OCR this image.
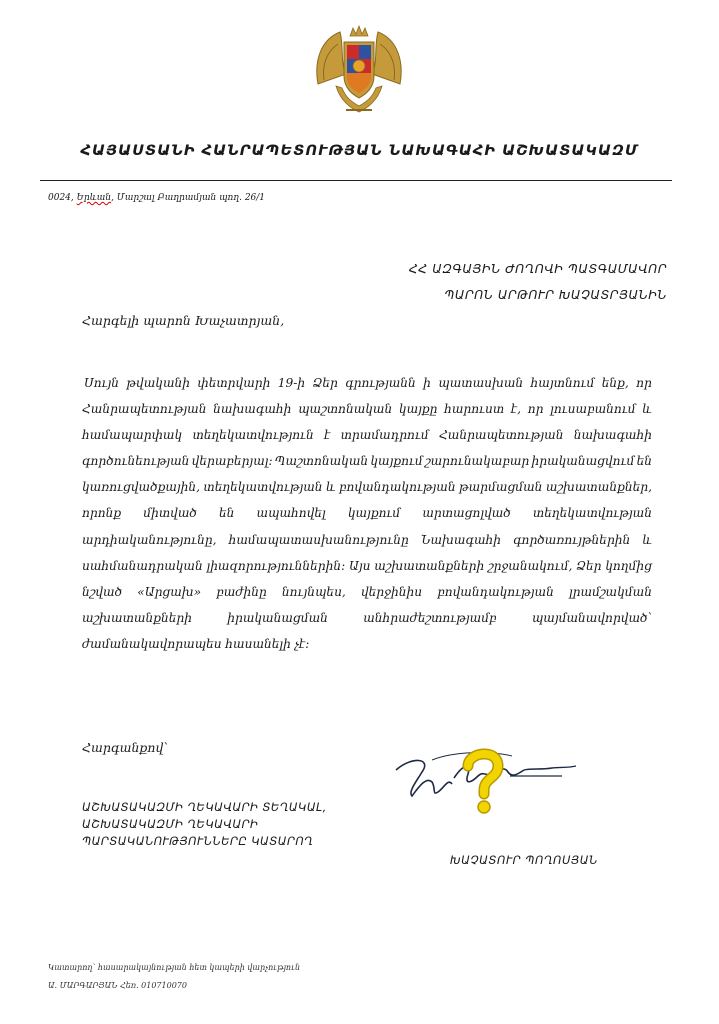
ՀԱՅԱՍՏԱՆԻ ՀԱՆՐԱՊԵՏՈՒԹՅԱՆ ՆԱԽԱԳԱՀԻ ԱՇԽԱՏԱԿԱԶՄ
0024, Երևան, Մարշալ Բաղրամյան պող. 26/1
ՀՀ ԱԶԳԱՅԻՆ ԺՈՂՈՎԻ ՊԱՏԳԱՄԱՎՈՐ
ՊԱՐՈՆ ԱՐԹՈՒՐ ԽԱՉԱՏՐՅԱՆԻՆ
Հարգելի պարոն Խաչատրյան,
Սույն թվականի փետրվարի 19-ի Ձեր գրությանն ի պատասխան հայտնում ենք, որ
Հանրապետության նախագահի պաշտոնական կայքը հարուստ է, որ լուսաբանում և
համապարփակ տեղեկատվություն է տրամադրում Հանրապետության նախագահի
գործունեության վերաբերյալ: Պաշտոնական կայքում շարունակաբար իրականացվում են
կառուցվածքային, տեղեկատվության և բովանդակության թարմացման աշխատանքներ,
որոնք միտված են ապահովել կայքում արտացոլված տեղեկատվության
արդիականությունը, համապատասխանությունը Նախագահի գործառույթներին և
սահմանադրական լիազորություններին: Այս աշխատանքների շրջանակում, Ձեր կողմից
նշված «Արցախ» բաժինը նույնպես, վերջինիս բովանդակության լրամշակման
աշխատանքների	իրականացման	անհրաժեշտությամբ	պայմանավորված՝
ժամանակավորապես հասանելի չէ:
Հարգանքով՝
ԱՇԽԱՏԱԿԱԶՄԻ ՂԵԿԱՎԱՐԻ ՏԵՂԱԿԱԼ,
ԱՇԽԱՏԱԿԱԶՄԻ ՂԵԿԱՎԱՐԻ
ՊԱՐՏԱԿԱՆՈՒԹՅՈՒՆՆԵՐԸ ԿԱՏԱՐՈՂ
ԽԱՉԱՏՈՒՐ ՊՈՂՈՍՅԱՆ
Կատարող՝ հասարակայնության հետ կապերի վարչություն
Ա. ՄԱՐԳԱՐՅԱՆ Հեռ. 010710070
